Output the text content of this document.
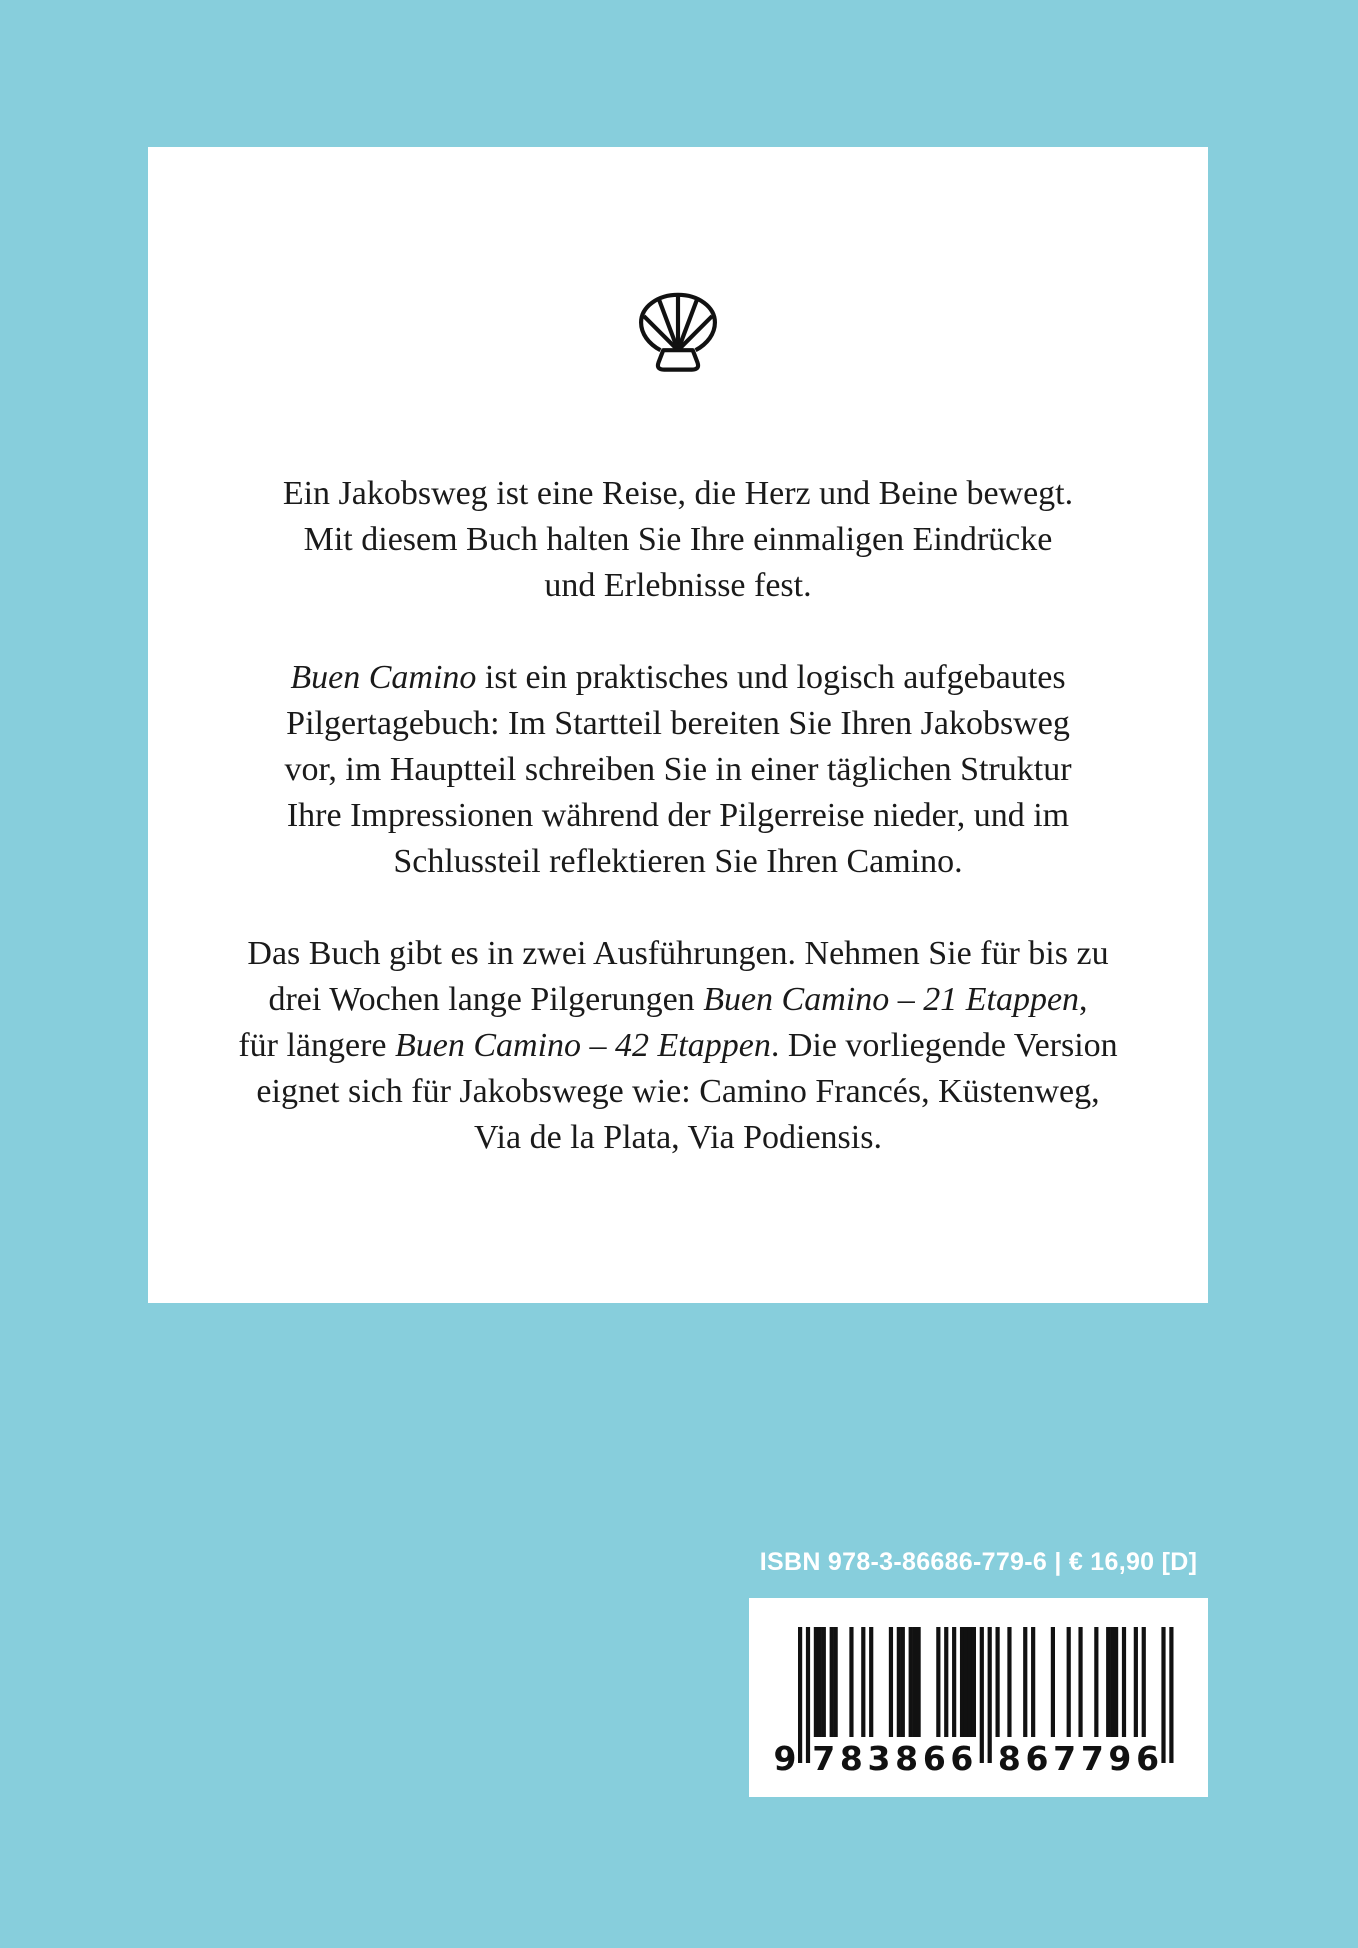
Ein Jakobsweg ist eine Reise, die Herz und Beine bewegt.
Mit diesem Buch halten Sie Ihre einmaligen Eindrücke
und Erlebnisse fest.

Buen Camino ist ein praktisches und logisch aufgebautes
Pilgertagebuch: Im Startteil bereiten Sie Ihren Jakobsweg
vor, im Hauptteil schreiben Sie in einer täglichen Struktur
Ihre Impressionen während der Pilgerreise nieder, und im
Schlussteil reflektieren Sie Ihren Camino.

Das Buch gibt es in zwei Ausführungen. Nehmen Sie für bis zu
drei Wochen lange Pilgerungen Buen Camino – 21 Etappen,
für längere Buen Camino – 42 Etappen. Die vorliegende Version
eignet sich für Jakobswege wie: Camino Francés, Küstenweg,
Via de la Plata, Via Podiensis.

ISBN 978-3-86686-779-6 | € 16,90 [D]
9 7 8 3 8 6 6 8 6 7 7 9 6
